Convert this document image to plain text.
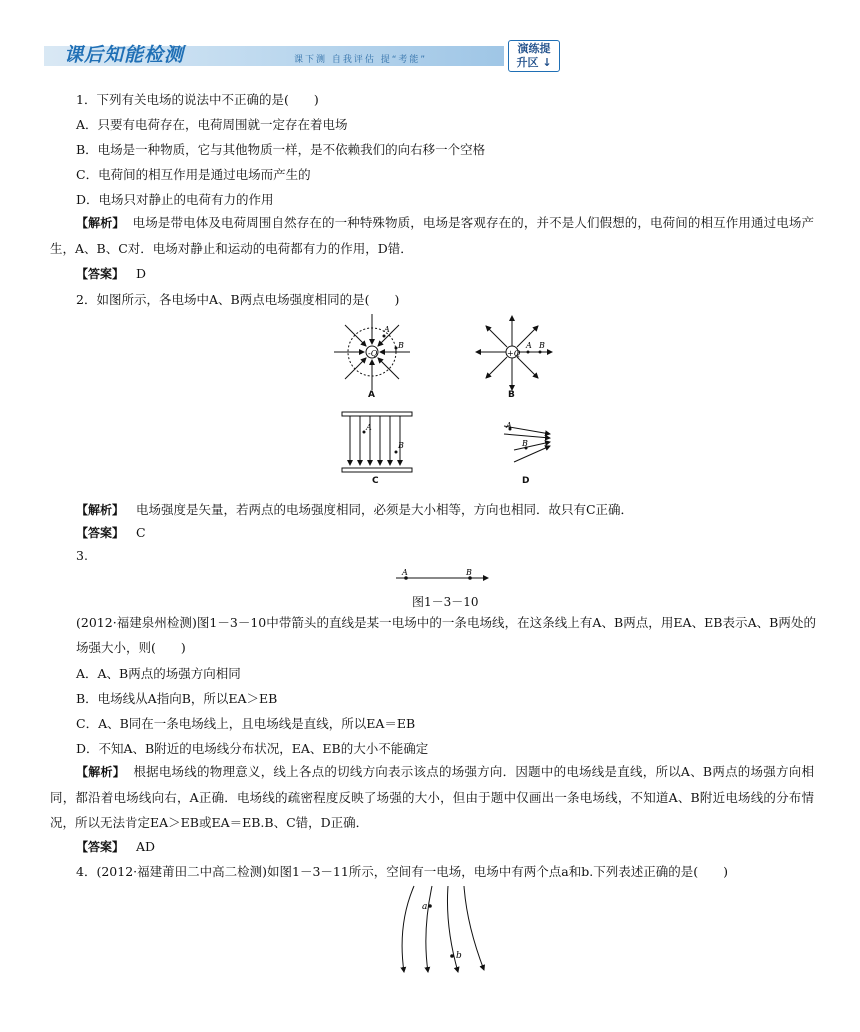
课后知能检测	课下测 自我评估 提“考能”
演练提
升区 ↓
1．下列有关电场的说法中不正确的是(　　)
A．只要有电荷存在，电荷周围就一定存在着电场
B．电场是一种物质，它与其他物质一样，是不依赖我们的向右移一个空格
C．电荷间的相互作用是通过电场而产生的
D．电场只对静止的电荷有力的作用
【解析】 电场是带电体及电荷周围自然存在的一种特殊物质，电场是客观存在的，并不是人们假想的，电荷间的相互作用通过电场产生，A、B、C对．电场对静止和运动的电荷都有力的作用，D错．
【答案】 D
2．如图所示，各电场中A、B两点电场强度相同的是(　　)
-Q
A
B
A
+Q
A B
B
A
B
C
A
B
D
【解析】 电场强度是矢量，若两点的电场强度相同，必须是大小相等，方向也相同．故只有C正确．
【答案】 C
3.
A	B
图1－3－10
(2012·福建泉州检测)图1－3－10中带箭头的直线是某一电场中的一条电场线，在这条线上有A、B两点，用EA、EB表示A、B两处的场强大小，则(　　)
A．A、B两点的场强方向相同
B．电场线从A指向B，所以EA＞EB
C．A、B同在一条电场线上，且电场线是直线，所以EA＝EB
D．不知A、B附近的电场线分布状况，EA、EB的大小不能确定
【解析】 根据电场线的物理意义，线上各点的切线方向表示该点的场强方向．因题中的电场线是直线，所以A、B两点的场强方向相同，都沿着电场线向右，A正确．电场线的疏密程度反映了场强的大小，但由于题中仅画出一条电场线，不知道A、B附近电场线的分布情况，所以无法肯定EA＞EB或EA＝EB.B、C错，D正确．
【答案】 AD
4．(2012·福建莆田二中高二检测)如图1－3－11所示，空间有一电场，电场中有两个点a和b.下列表述正确的是(　　)
a
b
